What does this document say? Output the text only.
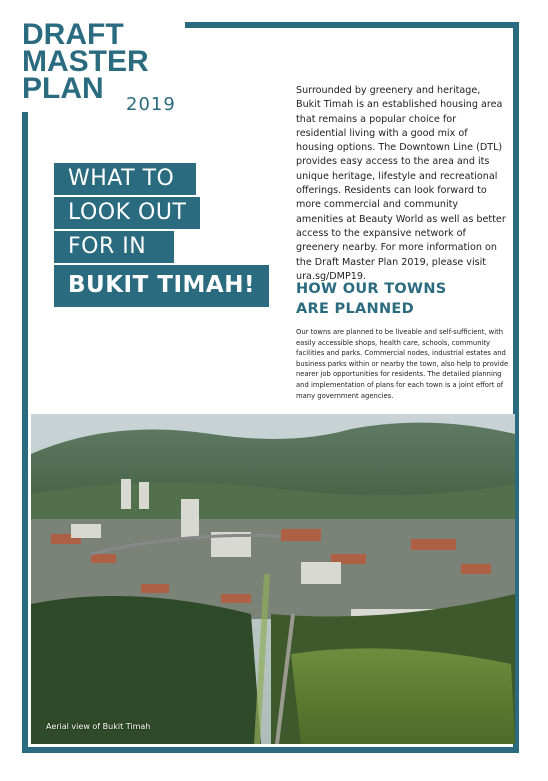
DRAFT
MASTER
PLAN 2019
WHAT TO
LOOK OUT
FOR IN
BUKIT TIMAH!
Surrounded by greenery and heritage, Bukit Timah is an established housing area that remains a popular choice for residential living with a good mix of housing options. The Downtown Line (DTL) provides easy access to the area and its unique heritage, lifestyle and recreational offerings. Residents can look forward to more commercial and community amenities at Beauty World as well as better access to the expansive network of greenery nearby. For more information on the Draft Master Plan 2019, please visit ura.sg/DMP19.
HOW OUR TOWNS
ARE PLANNED
Our towns are planned to be liveable and self-sufficient, with easily accessible shops, health care, schools, community facilities and parks. Commercial nodes, industrial estates and business parks within or nearby the town, also help to provide nearer job opportunities for residents. The detailed planning and implementation of plans for each town is a joint effort of many government agencies.
Aerial view of Bukit Timah
